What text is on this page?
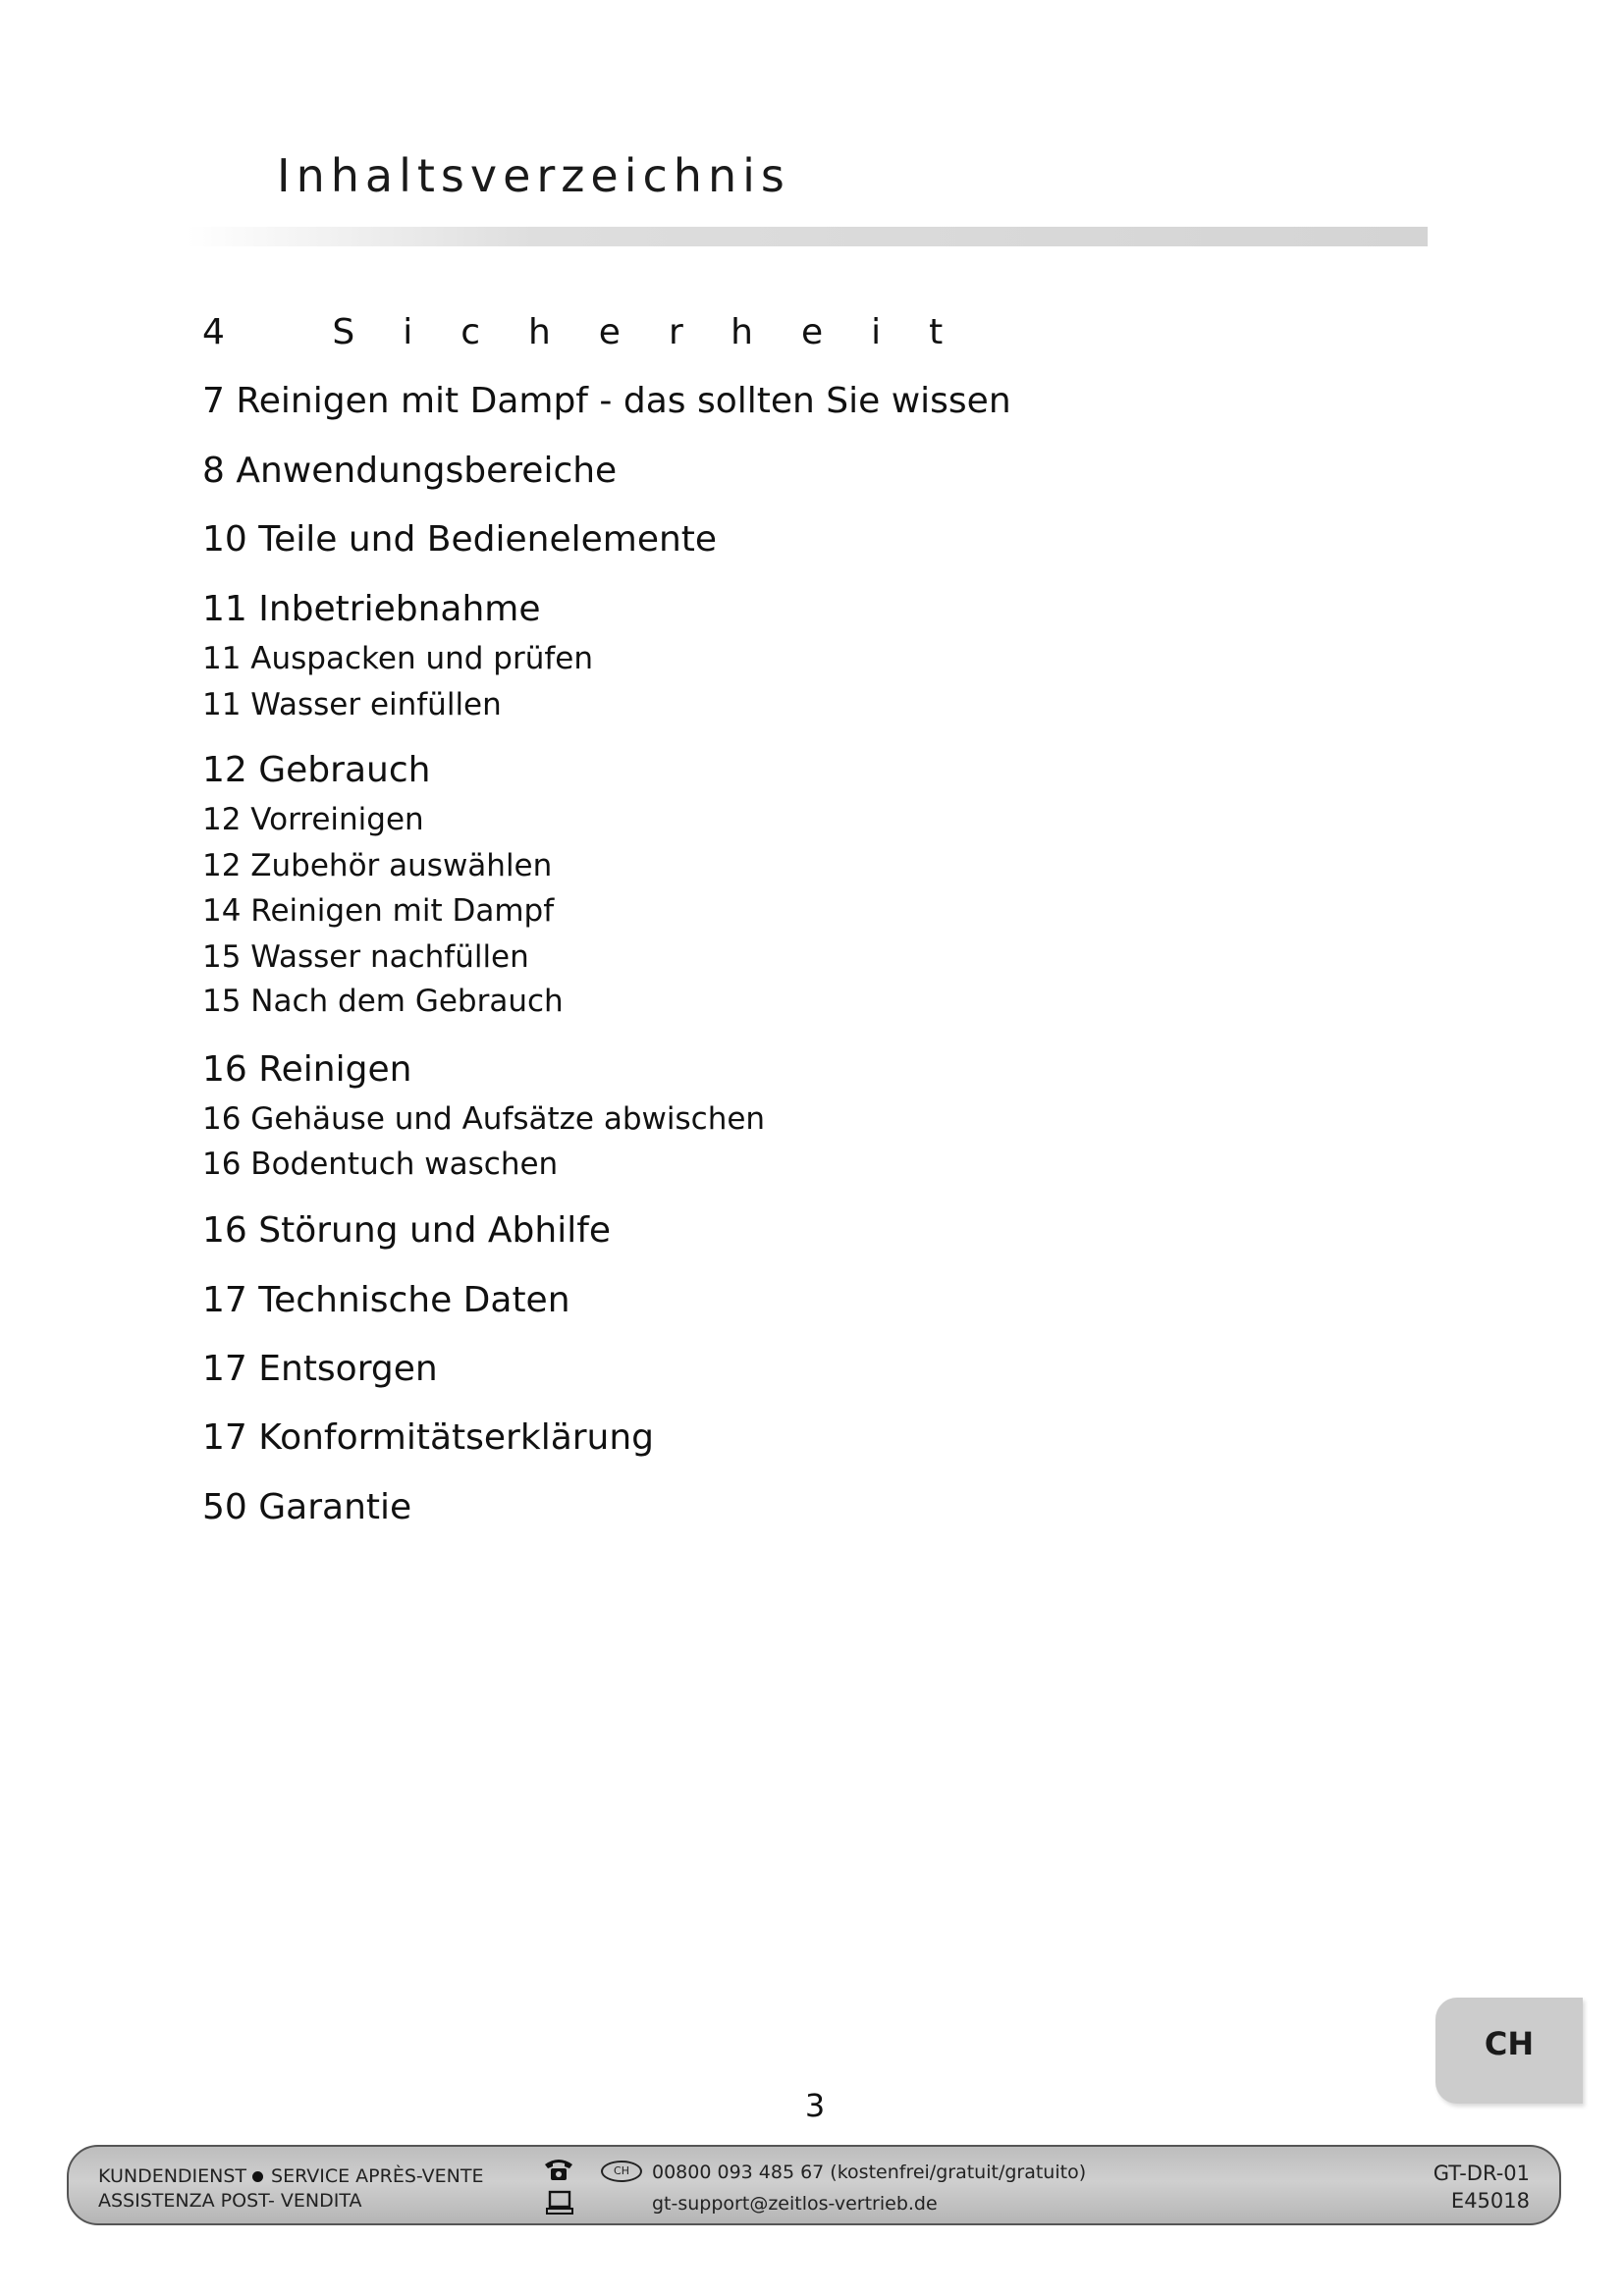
Inhaltsverzeichnis
4 Sicherheit
7 Reinigen mit Dampf - das sollten Sie wissen
8 Anwendungsbereiche
10 Teile und Bedienelemente
11 Inbetriebnahme
11 Auspacken und prüfen
11 Wasser einfüllen
12 Gebrauch
12 Vorreinigen
12 Zubehör auswählen
14 Reinigen mit Dampf
15 Wasser nachfüllen
15 Nach dem Gebrauch
16 Reinigen
16 Gehäuse und Aufsätze abwischen
16 Bodentuch waschen
16 Störung und Abhilfe
17 Technische Daten
17 Entsorgen
17 Konformitätserklärung
50 Garantie
CH
3
KUNDENDIENST SERVICE APRÈS-VENTE
ASSISTENZA POST- VENDITA
CH	00800 093 485 67 (kostenfrei/gratuit/gratuito)
gt-support@zeitlos-vertrieb.de
GT-DR-01
E45018
